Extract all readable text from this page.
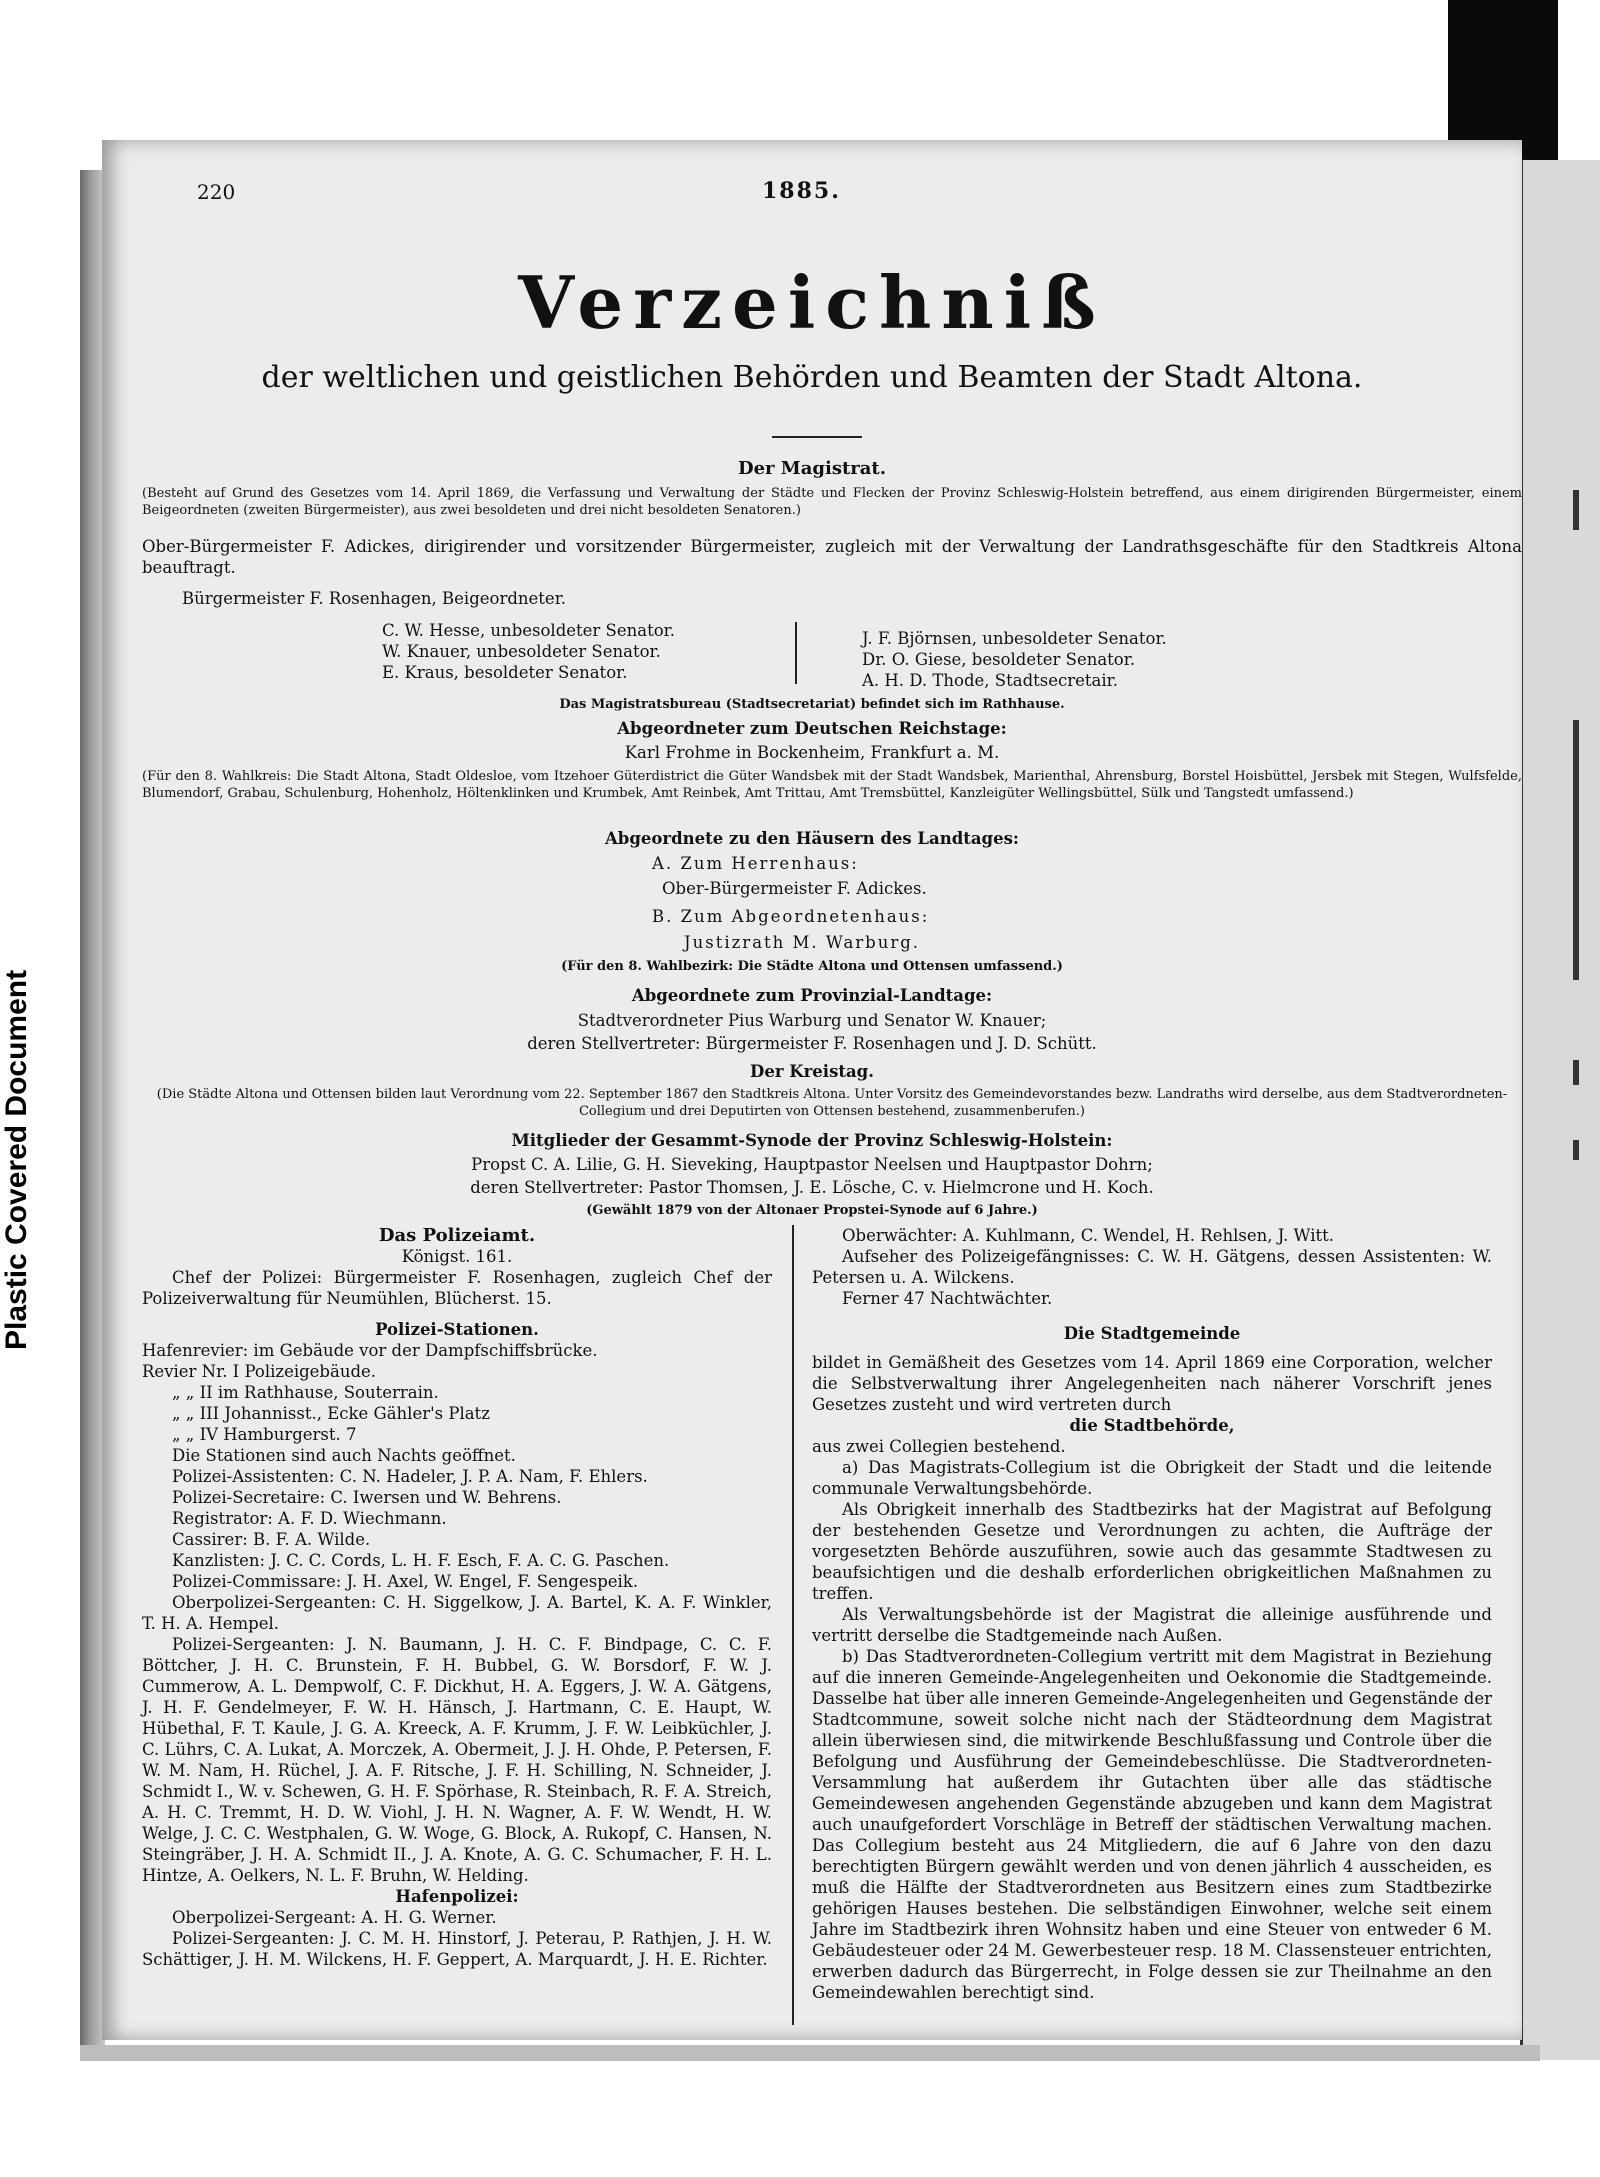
Plastic Covered Document
220	1885.
Verzeichniß
der weltlichen und geistlichen Behörden und Beamten der Stadt Altona.
Der Magistrat.
(Besteht auf Grund des Gesetzes vom 14. April 1869, die Verfassung und Verwaltung der Städte und Flecken der Provinz Schleswig-Holstein betreffend, aus einem dirigirenden Bürgermeister, einem Beigeordneten (zweiten Bürgermeister), aus zwei besoldeten und drei nicht besoldeten Senatoren.)
Ober-Bürgermeister F. Adickes, dirigirender und vorsitzender Bürgermeister, zugleich mit der Verwaltung der Landrathsgeschäfte für den Stadtkreis Altona beauftragt.
Bürgermeister F. Rosenhagen, Beigeordneter.
C. W. Hesse, unbesoldeter Senator.
W. Knauer, unbesoldeter Senator.
E. Kraus, besoldeter Senator.
J. F. Björnsen, unbesoldeter Senator.
Dr. O. Giese, besoldeter Senator.
A. H. D. Thode, Stadtsecretair.
Das Magistratsbureau (Stadtsecretariat) befindet sich im Rathhause.
Abgeordneter zum Deutschen Reichstage:
Karl Frohme in Bockenheim, Frankfurt a. M.
(Für den 8. Wahlkreis: Die Stadt Altona, Stadt Oldesloe, vom Itzehoer Güterdistrict die Güter Wandsbek mit der Stadt Wandsbek, Marienthal, Ahrensburg, Borstel Hoisbüttel, Jersbek mit Stegen, Wulfsfelde, Blumendorf, Grabau, Schulenburg, Hohenholz, Höltenklinken und Krumbek, Amt Reinbek, Amt Trittau, Amt Tremsbüttel, Kanzleigüter Wellingsbüttel, Sülk und Tangstedt umfassend.)
Abgeordnete zu den Häusern des Landtages:
A. Zum Herrenhaus:
Ober-Bürgermeister F. Adickes.
B. Zum Abgeordnetenhaus:
Justizrath M. Warburg.
(Für den 8. Wahlbezirk: Die Städte Altona und Ottensen umfassend.)
Abgeordnete zum Provinzial-Landtage:
Stadtverordneter Pius Warburg und Senator W. Knauer;
deren Stellvertreter: Bürgermeister F. Rosenhagen und J. D. Schütt.
Der Kreistag.
(Die Städte Altona und Ottensen bilden laut Verordnung vom 22. September 1867 den Stadtkreis Altona. Unter Vorsitz des Gemeindevorstandes bezw. Landraths wird derselbe, aus dem Stadtverordneten-Collegium und drei Deputirten von Ottensen bestehend, zusammenberufen.)
Mitglieder der Gesammt-Synode der Provinz Schleswig-Holstein:
Propst C. A. Lilie, G. H. Sieveking, Hauptpastor Neelsen und Hauptpastor Dohrn;
deren Stellvertreter: Pastor Thomsen, J. E. Lösche, C. v. Hielmcrone und H. Koch.
(Gewählt 1879 von der Altonaer Propstei-Synode auf 6 Jahre.)

Das Polizeiamt.

Königst. 161.

Chef der Polizei: Bürgermeister F. Rosenhagen, zugleich Chef der Polizeiverwaltung für Neumühlen, Blücherst. 15.

Polizei-Stationen.

Hafenrevier: im Gebäude vor der Dampfschiffsbrücke.

Revier Nr. I Polizeigebäude.

„ „ II im Rathhause, Souterrain.

„ „ III Johannisst., Ecke Gähler's Platz

„ „ IV Hamburgerst. 7

Die Stationen sind auch Nachts geöffnet.

Polizei-Assistenten: C. N. Hadeler, J. P. A. Nam, F. Ehlers.

Polizei-Secretaire: C. Iwersen und W. Behrens.

Registrator: A. F. D. Wiechmann.

Cassirer: B. F. A. Wilde.

Kanzlisten: J. C. C. Cords, L. H. F. Esch, F. A. C. G. Paschen.

Polizei-Commissare: J. H. Axel, W. Engel, F. Sengespeik.

Oberpolizei-Sergeanten: C. H. Siggelkow, J. A. Bartel, K. A. F. Winkler, T. H. A. Hempel.

Polizei-Sergeanten: J. N. Baumann, J. H. C. F. Bindpage, C. C. F. Böttcher, J. H. C. Brunstein, F. H. Bubbel, G. W. Borsdorf, F. W. J. Cummerow, A. L. Dempwolf, C. F. Dickhut, H. A. Eggers, J. W. A. Gätgens, J. H. F. Gendelmeyer, F. W. H. Hänsch, J. Hartmann, C. E. Haupt, W. Hübethal, F. T. Kaule, J. G. A. Kreeck, A. F. Krumm, J. F. W. Leibküchler, J. C. Lührs, C. A. Lukat, A. Morczek, A. Obermeit, J. J. H. Ohde, P. Petersen, F. W. M. Nam, H. Rüchel, J. A. F. Ritsche, J. F. H. Schilling, N. Schneider, J. Schmidt I., W. v. Schewen, G. H. F. Spörhase, R. Steinbach, R. F. A. Streich, A. H. C. Tremmt, H. D. W. Viohl, J. H. N. Wagner, A. F. W. Wendt, H. W. Welge, J. C. C. Westphalen, G. W. Woge, G. Block, A. Rukopf, C. Hansen, N. Steingräber, J. H. A. Schmidt II., J. A. Knote, A. G. C. Schumacher, F. H. L. Hintze, A. Oelkers, N. L. F. Bruhn, W. Helding.

Hafenpolizei:

Oberpolizei-Sergeant: A. H. G. Werner.

Polizei-Sergeanten: J. C. M. H. Hinstorf, J. Peterau, P. Rathjen, J. H. W. Schättiger, J. H. M. Wilckens, H. F. Geppert, A. Marquardt, J. H. E. Richter.

Oberwächter: A. Kuhlmann, C. Wendel, H. Rehlsen, J. Witt.

Aufseher des Polizeigefängnisses: C. W. H. Gätgens, dessen Assistenten: W. Petersen u. A. Wilckens.

Ferner 47 Nachtwächter.

Die Stadtgemeinde

bildet in Gemäßheit des Gesetzes vom 14. April 1869 eine Corporation, welcher die Selbstverwaltung ihrer Angelegenheiten nach näherer Vorschrift jenes Gesetzes zusteht und wird vertreten durch

die Stadtbehörde,

aus zwei Collegien bestehend.

a) Das Magistrats-Collegium ist die Obrigkeit der Stadt und die leitende communale Verwaltungsbehörde.

Als Obrigkeit innerhalb des Stadtbezirks hat der Magistrat auf Befolgung der bestehenden Gesetze und Verordnungen zu achten, die Aufträge der vorgesetzten Behörde auszuführen, sowie auch das gesammte Stadtwesen zu beaufsichtigen und die deshalb erforderlichen obrigkeitlichen Maßnahmen zu treffen.

Als Verwaltungsbehörde ist der Magistrat die alleinige ausführende und vertritt derselbe die Stadtgemeinde nach Außen.

b) Das Stadtverordneten-Collegium vertritt mit dem Magistrat in Beziehung auf die inneren Gemeinde-Angelegenheiten und Oekonomie die Stadtgemeinde. Dasselbe hat über alle inneren Gemeinde-Angelegenheiten und Gegenstände der Stadtcommune, soweit solche nicht nach der Städteordnung dem Magistrat allein überwiesen sind, die mitwirkende Beschlußfassung und Controle über die Befolgung und Ausführung der Gemeindebeschlüsse. Die Stadtverordneten-Versammlung hat außerdem ihr Gutachten über alle das städtische Gemeindewesen angehenden Gegenstände abzugeben und kann dem Magistrat auch unaufgefordert Vorschläge in Betreff der städtischen Verwaltung machen. Das Collegium besteht aus 24 Mitgliedern, die auf 6 Jahre von den dazu berechtigten Bürgern gewählt werden und von denen jährlich 4 ausscheiden, es muß die Hälfte der Stadtverordneten aus Besitzern eines zum Stadtbezirke gehörigen Hauses bestehen. Die selbständigen Einwohner, welche seit einem Jahre im Stadtbezirk ihren Wohnsitz haben und eine Steuer von entweder 6 M. Gebäudesteuer oder 24 M. Gewerbesteuer resp. 18 M. Classensteuer entrichten, erwerben dadurch das Bürgerrecht, in Folge dessen sie zur Theilnahme an den Gemeindewahlen berechtigt sind.
